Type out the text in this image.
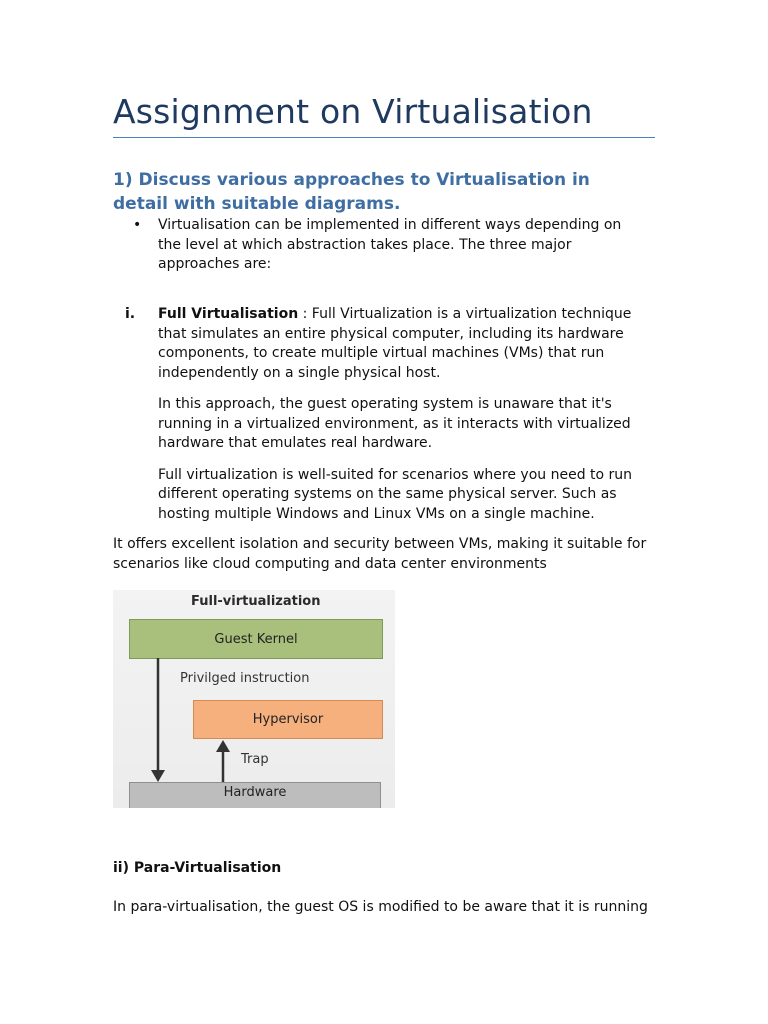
Assignment on Virtualisation
1) Discuss various approaches to Virtualisation in detail with suitable diagrams.
• Virtualisation can be implemented in different ways depending on the level at which abstraction takes place. The three major approaches are:
i. Full Virtualisation : Full Virtualization is a virtualization technique that simulates an entire physical computer, including its hardware components, to create multiple virtual machines (VMs) that run independently on a single physical host.

In this approach, the guest operating system is unaware that it's running in a virtualized environment, as it interacts with virtualized hardware that emulates real hardware.

Full virtualization is well-suited for scenarios where you need to run different operating systems on the same physical server. Such as hosting multiple Windows and Linux VMs on a single machine.

It offers excellent isolation and security between VMs, making it suitable for scenarios like cloud computing and data center environments
Full-virtualization
Guest Kernel
Privilged instruction
Hypervisor
Trap
Hardware
ii) Para-Virtualisation
In para-virtualisation, the guest OS is modified to be aware that it is running
